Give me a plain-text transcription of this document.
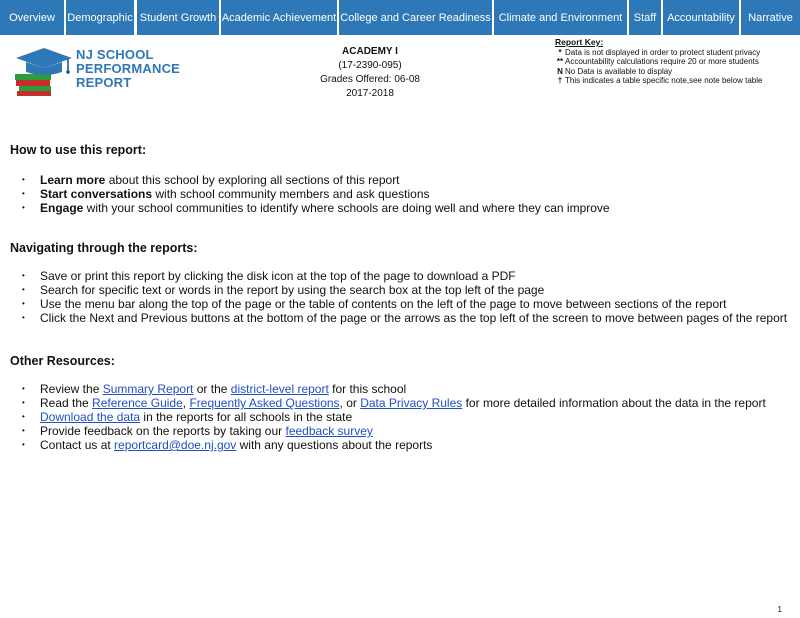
Overview	Demographic Student Growth Academic Achievement College and Career Readiness Climate and Environment	Staff Accountability	Narrative
NJ SCHOOL
PERFORMANCE
REPORT
ACADEMY I
(17-2390-095)
Grades Offered: 06-08
2017-2018
Report Key:
* Data is not displayed in order to protect student privacy
** Accountability calculations require 20 or more students
N No Data is available to display
† This indicates a table specific note,see note below table
How to use this report:
• Learn more about this school by exploring all sections of this report
• Start conversations with school community members and ask questions
• Engage with your school communities to identify where schools are doing well and where they can improve
Navigating through the reports:
• Save or print this report by clicking the disk icon at the top of the page to download a PDF
• Search for specific text or words in the report by using the search box at the top left of the page
• Use the menu bar along the top of the page or the table of contents on the left of the page to move between sections of the report
• Click the Next and Previous buttons at the bottom of the page or the arrows as the top left of the screen to move between pages of the report
Other Resources:
• Review the Summary Report or the district-level report for this school
• Read the Reference Guide, Frequently Asked Questions, or Data Privacy Rules for more detailed information about the data in the report
• Download the data in the reports for all schools in the state
• Provide feedback on the reports by taking our feedback survey
• Contact us at reportcard@doe.nj.gov with any questions about the reports
1
